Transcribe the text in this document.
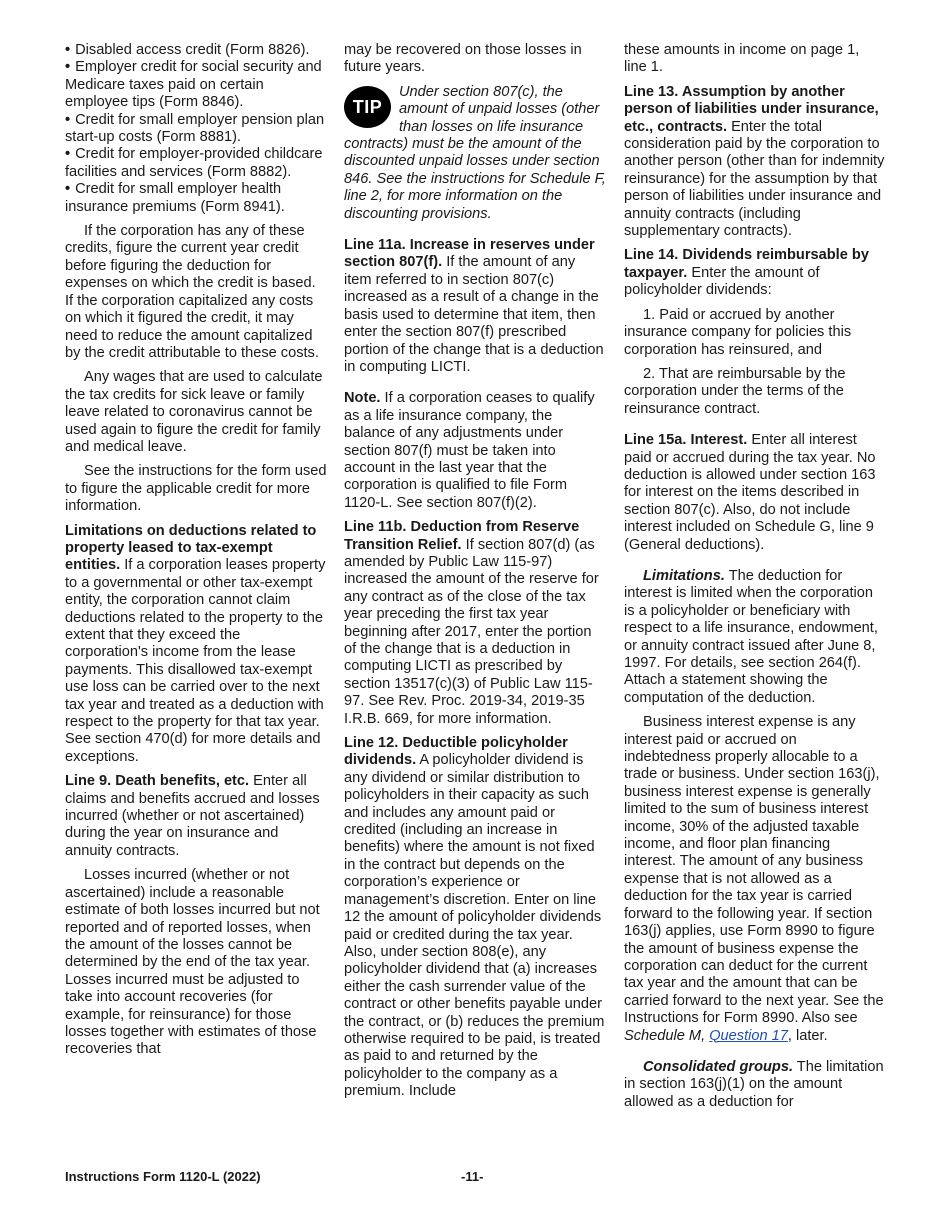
• Disabled access credit (Form 8826).

• Employer credit for social security and Medicare taxes paid on certain employee tips (Form 8846).

• Credit for small employer pension plan start-up costs (Form 8881).

• Credit for employer-provided childcare facilities and services (Form 8882).

• Credit for small employer health insurance premiums (Form 8941).

If the corporation has any of these credits, figure the current year credit before figuring the deduction for expenses on which the credit is based. If the corporation capitalized any costs on which it figured the credit, it may need to reduce the amount capitalized by the credit attributable to these costs.

Any wages that are used to calculate the tax credits for sick leave or family leave related to coronavirus cannot be used again to figure the credit for family and medical leave.

See the instructions for the form used to figure the applicable credit for more information.

Limitations on deductions related to property leased to tax-exempt entities. If a corporation leases property to a governmental or other tax-exempt entity, the corporation cannot claim deductions related to the property to the extent that they exceed the corporation's income from the lease payments. This disallowed tax-exempt use loss can be carried over to the next tax year and treated as a deduction with respect to the property for that tax year. See section 470(d) for more details and exceptions.

Line 9. Death benefits, etc. Enter all claims and benefits accrued and losses incurred (whether or not ascertained) during the year on insurance and annuity contracts.

Losses incurred (whether or not ascertained) include a reasonable estimate of both losses incurred but not reported and of reported losses, when the amount of the losses cannot be determined by the end of the tax year. Losses incurred must be adjusted to take into account recoveries (for example, for reinsurance) for those losses together with estimates of those recoveries that

may be recovered on those losses in future years.

TIP
Under section 807(c), the amount of unpaid losses (other than losses on life insurance contracts) must be the amount of the discounted unpaid losses under section 846. See the instructions for Schedule F, line 2, for more information on the discounting provisions.

Line 11a. Increase in reserves under section 807(f). If the amount of any item referred to in section 807(c) increased as a result of a change in the basis used to determine that item, then enter the section 807(f) prescribed portion of the change that is a deduction in computing LICTI.

Note. If a corporation ceases to qualify as a life insurance company, the balance of any adjustments under section 807(f) must be taken into account in the last year that the corporation is qualified to file Form 1120-L. See section 807(f)(2).

Line 11b. Deduction from Reserve Transition Relief. If section 807(d) (as amended by Public Law 115-97) increased the amount of the reserve for any contract as of the close of the tax year preceding the first tax year beginning after 2017, enter the portion of the change that is a deduction in computing LICTI as prescribed by section 13517(c)(3) of Public Law 115-97. See Rev. Proc. 2019-34, 2019-35 I.R.B. 669, for more information.

Line 12. Deductible policyholder dividends. A policyholder dividend is any dividend or similar distribution to policyholders in their capacity as such and includes any amount paid or credited (including an increase in benefits) where the amount is not fixed in the contract but depends on the corporation’s experience or management’s discretion. Enter on line 12 the amount of policyholder dividends paid or credited during the tax year. Also, under section 808(e), any policyholder dividend that (a) increases either the cash surrender value of the contract or other benefits payable under the contract, or (b) reduces the premium otherwise required to be paid, is treated as paid to and returned by the policyholder to the company as a premium. Include

these amounts in income on page 1, line 1.

Line 13. Assumption by another person of liabilities under insurance, etc., contracts. Enter the total consideration paid by the corporation to another person (other than for indemnity reinsurance) for the assumption by that person of liabilities under insurance and annuity contracts (including supplementary contracts).

Line 14. Dividends reimbursable by taxpayer. Enter the amount of policyholder dividends:

1. Paid or accrued by another insurance company for policies this corporation has reinsured, and

2. That are reimbursable by the corporation under the terms of the reinsurance contract.

Line 15a. Interest. Enter all interest paid or accrued during the tax year. No deduction is allowed under section 163 for interest on the items described in section 807(c). Also, do not include interest included on Schedule G, line 9 (General deductions).

Limitations. The deduction for interest is limited when the corporation is a policyholder or beneficiary with respect to a life insurance, endowment, or annuity contract issued after June 8, 1997. For details, see section 264(f). Attach a statement showing the computation of the deduction.

Business interest expense is any interest paid or accrued on indebtedness properly allocable to a trade or business. Under section 163(j), business interest expense is generally limited to the sum of business interest income, 30% of the adjusted taxable income, and floor plan financing interest. The amount of any business expense that is not allowed as a deduction for the tax year is carried forward to the following year. If section 163(j) applies, use Form 8990 to figure the amount of business expense the corporation can deduct for the current tax year and the amount that can be carried forward to the next year. See the Instructions for Form 8990. Also see Schedule M, Question 17, later.

Consolidated groups. The limitation in section 163(j)(1) on the amount allowed as a deduction for

Instructions Form 1120-L (2022)	-11-
